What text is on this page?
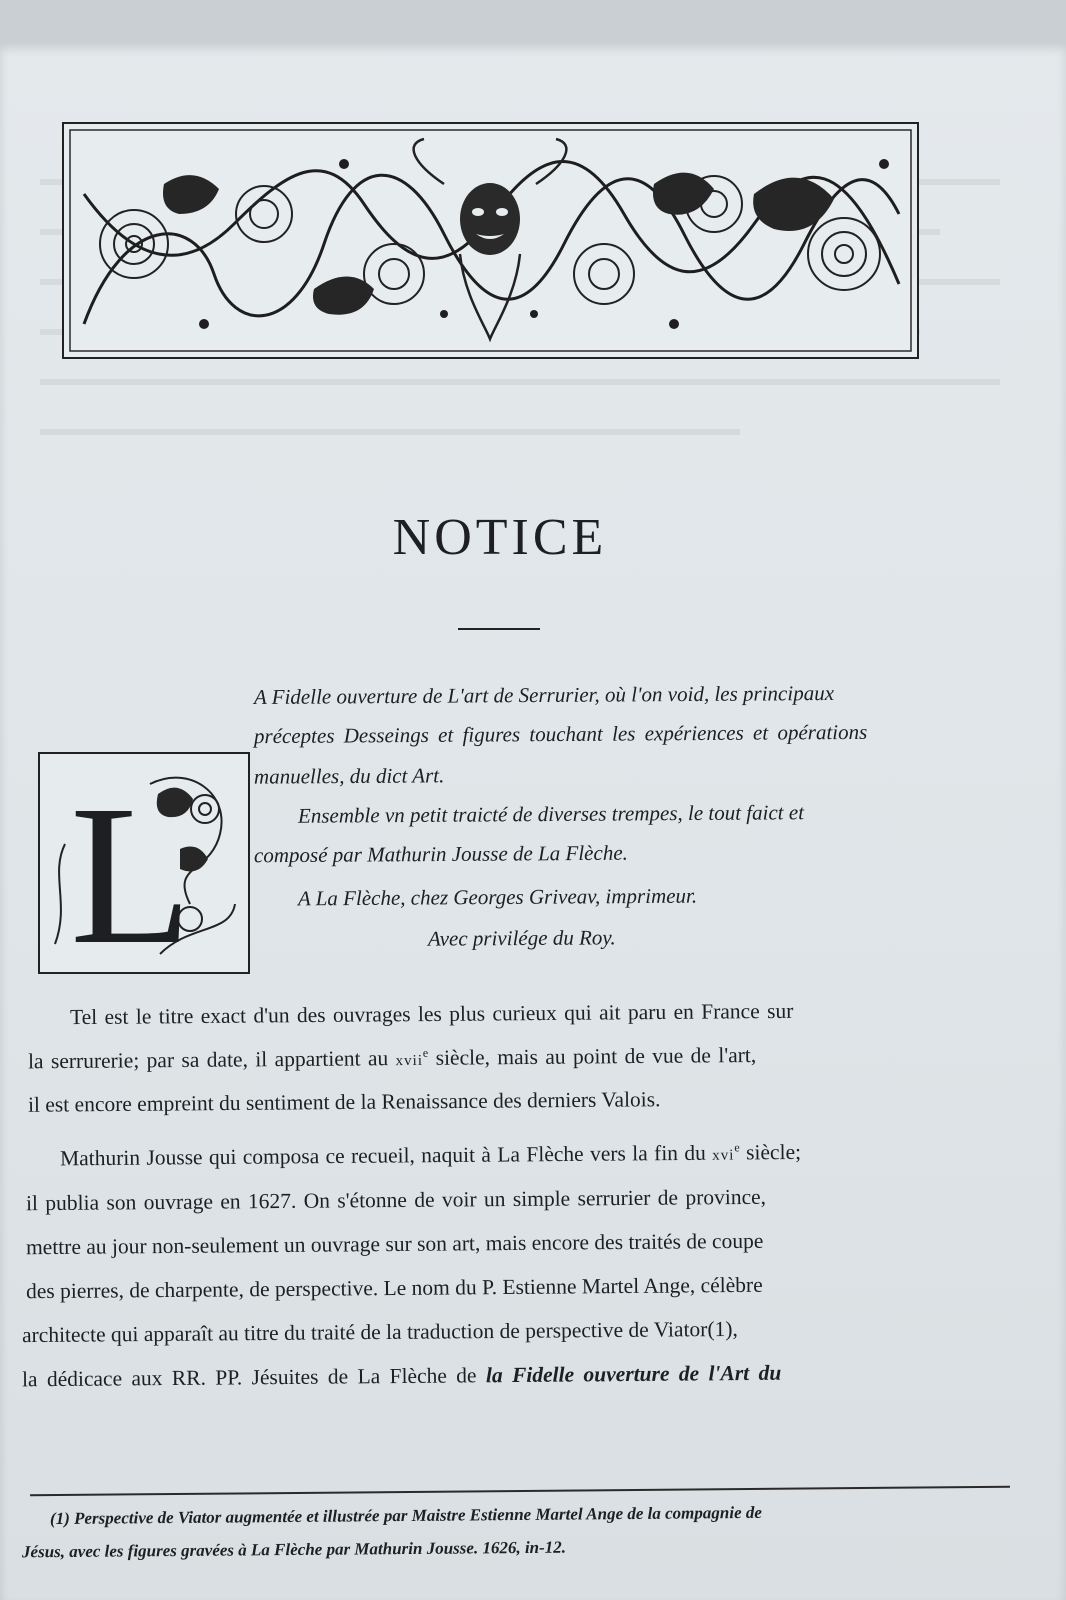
NOTICE
L
A Fidelle ouverture de L'art de Serrurier, où l'on void, les principaux
préceptes Desseings et figures touchant les expériences et opérations
manuelles, du dict Art.
Ensemble vn petit traicté de diverses trempes, le tout faict et
composé par Mathurin Jousse de La Flèche.
A La Flèche, chez Georges Griveav, imprimeur.
Avec privilége du Roy.
Tel est le titre exact d'un des ouvrages les plus curieux qui ait paru en France sur
la serrurerie; par sa date, il appartient au xvii$^e$ siècle, mais au point de vue de l'art,
il est encore empreint du sentiment de la Renaissance des derniers Valois.
Mathurin Jousse qui composa ce recueil, naquit à La Flèche vers la fin du xvi$^e$ siècle;
il publia son ouvrage en 1627. On s'étonne de voir un simple serrurier de province,
mettre au jour non-seulement un ouvrage sur son art, mais encore des traités de coupe
des pierres, de charpente, de perspective. Le nom du P. Estienne Martel Ange, célèbre
architecte qui apparaît au titre du traité de la traduction de perspective de Viator(1),
la dédicace aux RR. PP. Jésuites de La Flèche de la Fidelle ouverture de l'Art du
(1) Perspective de Viator augmentée et illustrée par Maistre Estienne Martel Ange de la compagnie de
Jésus, avec les figures gravées à La Flèche par Mathurin Jousse. 1626, in-12.
